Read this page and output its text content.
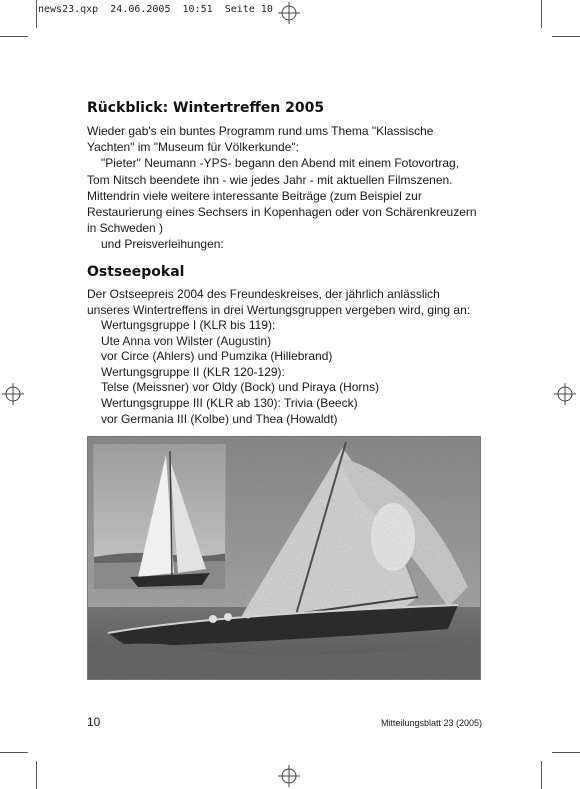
news23.qxp 24.06.2005 10:51 Seite 10
Rückblick: Wintertreffen 2005

Wieder gab's ein buntes Programm rund ums Thema "Klassische Yachten" im "Museum für Völkerkunde":

"Pieter" Neumann -YPS- begann den Abend mit einem Fotovortrag, Tom Nitsch beendete ihn - wie jedes Jahr - mit aktuellen Filmszenen. Mittendrin viele weitere interessante Beiträge (zum Beispiel zur Restaurierung eines Sechsers in Kopenhagen oder von Schärenkreuzern in Schweden )

und Preisverleihungen:

Ostseepokal

Der Ostseepreis 2004 des Freundeskreises, der jährlich anlässlich unseres Wintertreffens in drei Wertungsgruppen vergeben wird, ging an:

Wertungsgruppe I (KLR bis 119):
Ute Anna von Wilster (Augustin)
vor Circe (Ahlers) und Pumzika (Hillebrand)
Wertungsgruppe II (KLR 120-129):
Telse (Meissner) vor Oldy (Bock) und Piraya (Horns)
Wertungsgruppe III (KLR ab 130): Trivia (Beeck)
vor Germania III (Kolbe) und Thea (Howaldt)

10	Mitteilungsblatt 23 (2005)
